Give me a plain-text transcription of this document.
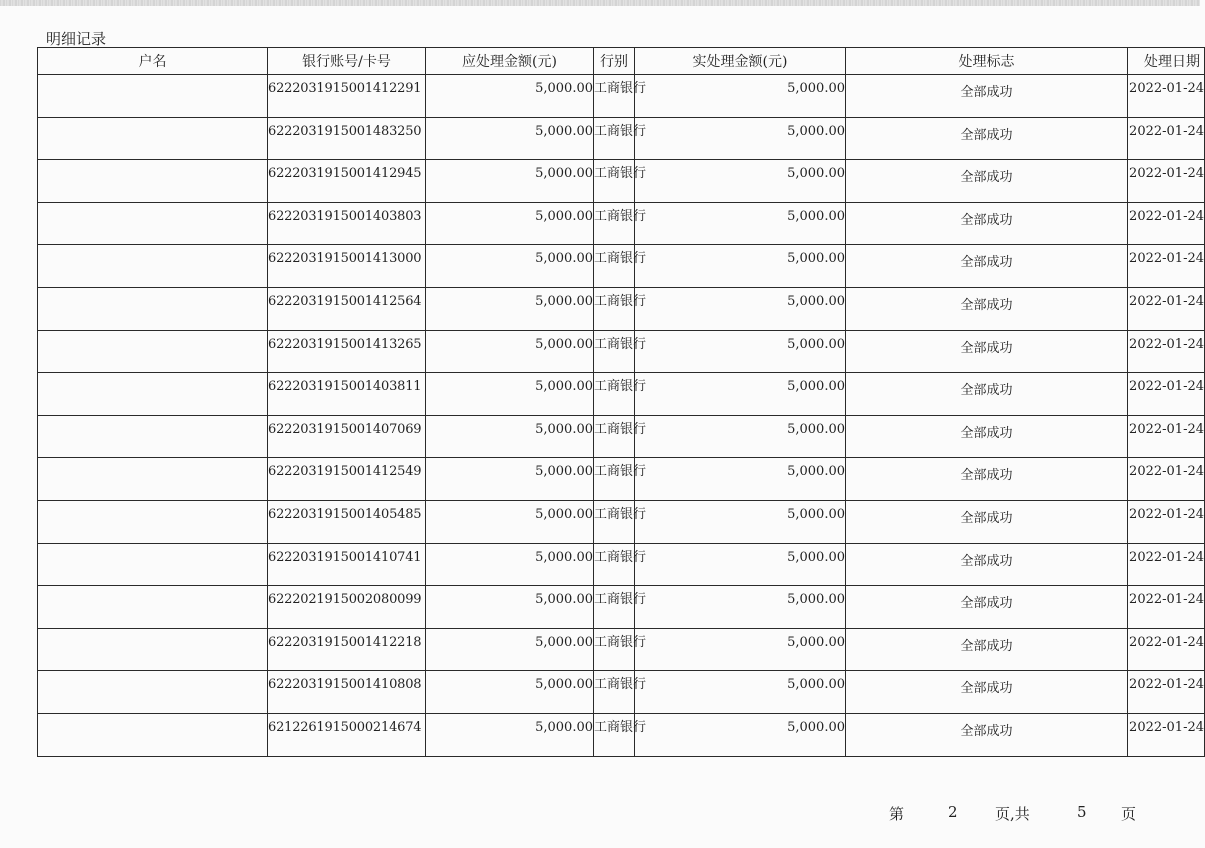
明细记录
户名	银行账号/卡号	应处理金额(元)	行别	实处理金额(元)	处理标志	处理日期
	6222031915001412291	5,000.00	工商银行	5,000.00	全部成功	2022-01-24
	6222031915001483250	5,000.00	工商银行	5,000.00	全部成功	2022-01-24
	6222031915001412945	5,000.00	工商银行	5,000.00	全部成功	2022-01-24
	6222031915001403803	5,000.00	工商银行	5,000.00	全部成功	2022-01-24
	6222031915001413000	5,000.00	工商银行	5,000.00	全部成功	2022-01-24
	6222031915001412564	5,000.00	工商银行	5,000.00	全部成功	2022-01-24
	6222031915001413265	5,000.00	工商银行	5,000.00	全部成功	2022-01-24
	6222031915001403811	5,000.00	工商银行	5,000.00	全部成功	2022-01-24
	6222031915001407069	5,000.00	工商银行	5,000.00	全部成功	2022-01-24
	6222031915001412549	5,000.00	工商银行	5,000.00	全部成功	2022-01-24
	6222031915001405485	5,000.00	工商银行	5,000.00	全部成功	2022-01-24
	6222031915001410741	5,000.00	工商银行	5,000.00	全部成功	2022-01-24
	6222021915002080099	5,000.00	工商银行	5,000.00	全部成功	2022-01-24
	6222031915001412218	5,000.00	工商银行	5,000.00	全部成功	2022-01-24
	6222031915001410808	5,000.00	工商银行	5,000.00	全部成功	2022-01-24
	6212261915000214674	5,000.00	工商银行	5,000.00	全部成功	2022-01-24
第	2 页,共	5 页
